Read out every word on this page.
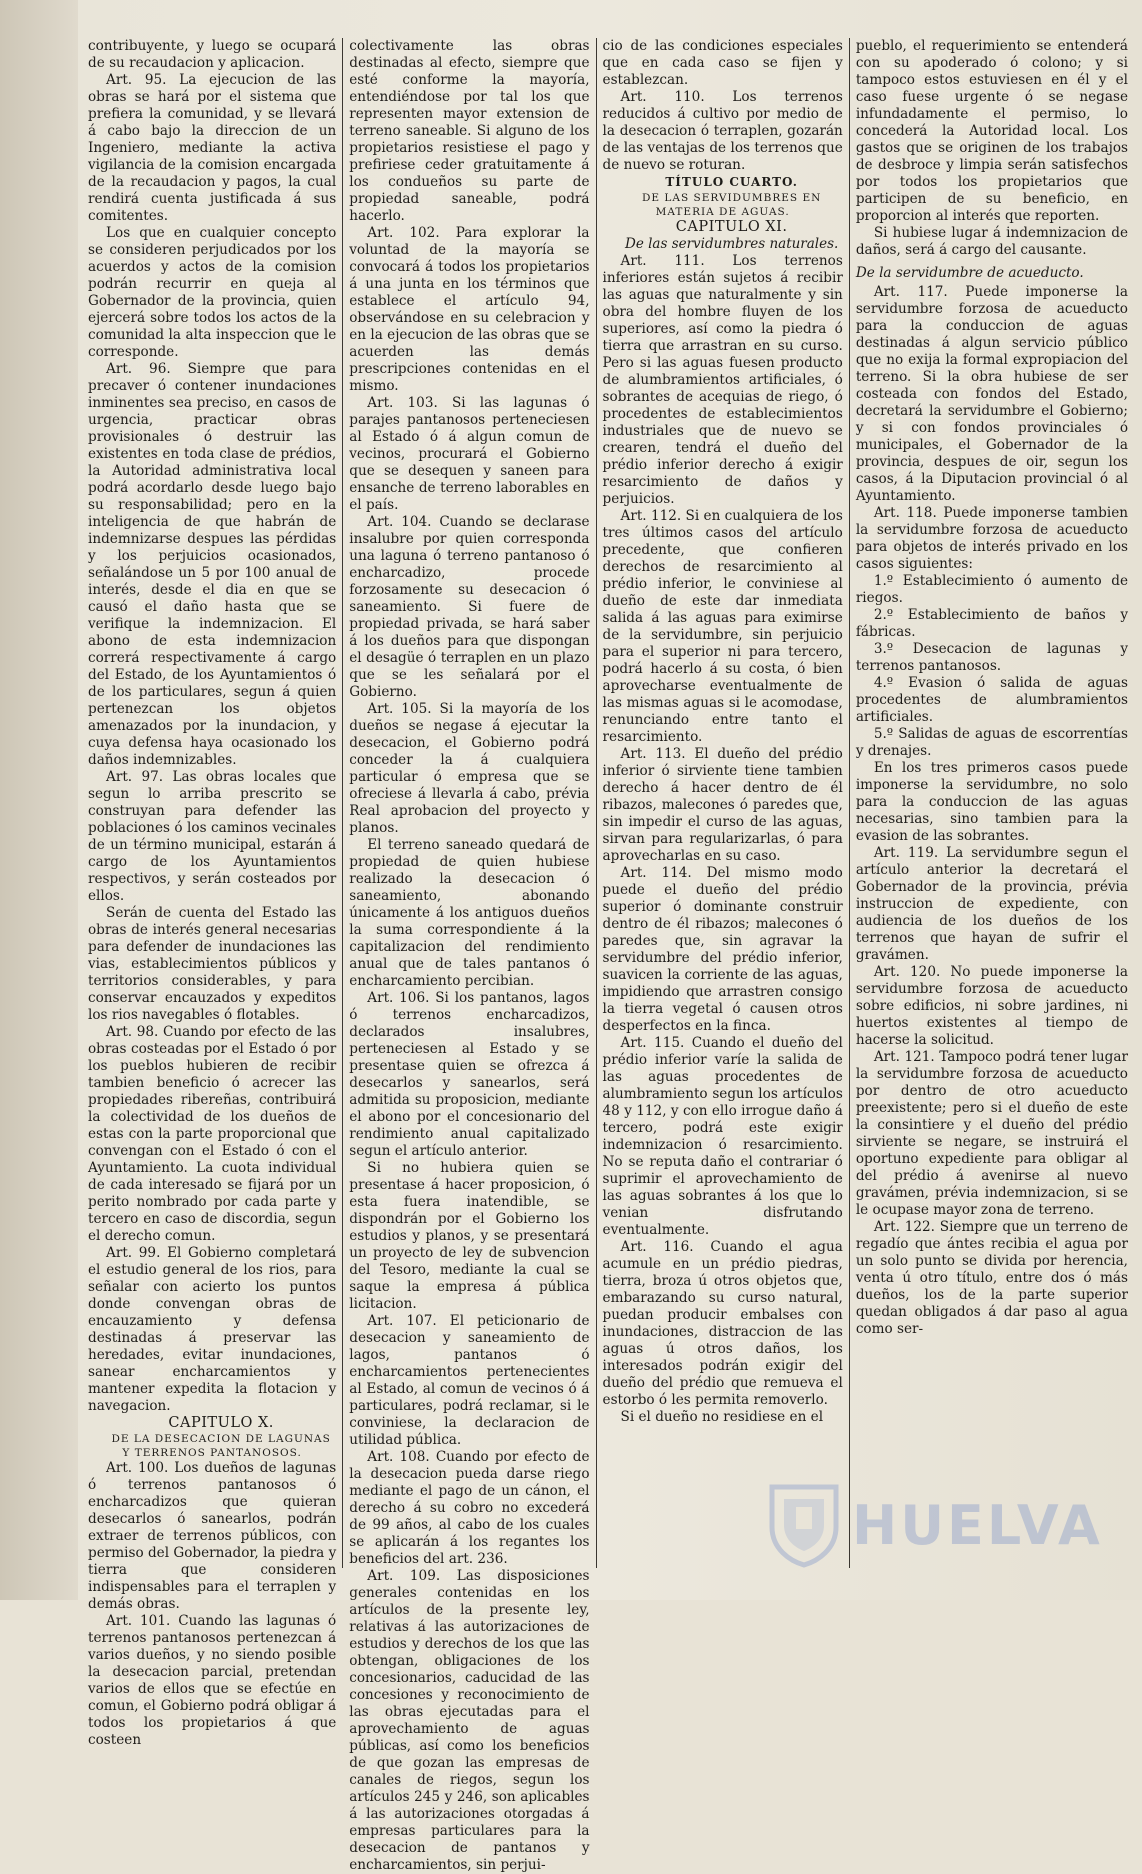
contribuyente, y luego se ocupará de su recaudacion y aplicacion.

Art. 95. La ejecucion de las obras se hará por el sistema que prefiera la comunidad, y se llevará á cabo bajo la direccion de un Ingeniero, mediante la activa vigilancia de la comision encargada de la recaudacion y pagos, la cual rendirá cuenta justificada á sus comitentes.

Los que en cualquier concepto se consideren perjudicados por los acuerdos y actos de la comision podrán recurrir en queja al Gobernador de la provincia, quien ejercerá sobre todos los actos de la comunidad la alta inspeccion que le corresponde.

Art. 96. Siempre que para precaver ó contener inundaciones inminentes sea preciso, en casos de urgencia, practicar obras provisionales ó destruir las existentes en toda clase de prédios, la Autoridad administrativa local podrá acordarlo desde luego bajo su responsabilidad; pero en la inteligencia de que habrán de indemnizarse despues las pérdidas y los perjuicios ocasionados, señalándose un 5 por 100 anual de interés, desde el dia en que se causó el daño hasta que se verifique la indemnizacion. El abono de esta indemnizacion correrá respectivamente á cargo del Estado, de los Ayuntamientos ó de los particulares, segun á quien pertenezcan los objetos amenazados por la inundacion, y cuya defensa haya ocasionado los daños indemnizables.

Art. 97. Las obras locales que segun lo arriba prescrito se construyan para defender las poblaciones ó los caminos vecinales de un término municipal, estarán á cargo de los Ayuntamientos respectivos, y serán costeados por ellos.

Serán de cuenta del Estado las obras de interés general necesarias para defender de inundaciones las vias, establecimientos públicos y territorios considerables, y para conservar encauzados y expeditos los rios navegables ó flotables.

Art. 98. Cuando por efecto de las obras costeadas por el Estado ó por los pueblos hubieren de recibir tambien beneficio ó acrecer las propiedades ribereñas, contribuirá la colectividad de los dueños de estas con la parte proporcional que convengan con el Estado ó con el Ayuntamiento. La cuota individual de cada interesado se fijará por un perito nombrado por cada parte y tercero en caso de discordia, segun el derecho comun.

Art. 99. El Gobierno completará el estudio general de los rios, para señalar con acierto los puntos donde convengan obras de encauzamiento y defensa destinadas á preservar las heredades, evitar inundaciones, sanear encharcamientos y mantener expedita la flotacion y navegacion.

CAPITULO X.

DE LA DESECACION DE LAGUNAS Y TERRENOS PANTANOSOS.

Art. 100. Los dueños de lagunas ó terrenos pantanosos ó encharcadizos que quieran desecarlos ó sanearlos, podrán extraer de terrenos públicos, con permiso del Gobernador, la piedra y tierra que consideren indispensables para el terraplen y demás obras.

Art. 101. Cuando las lagunas ó terrenos pantanosos pertenezcan á varios dueños, y no siendo posible la desecacion parcial, pretendan varios de ellos que se efectúe en comun, el Gobierno podrá obligar á todos los propietarios á que costeen

colectivamente las obras destinadas al efecto, siempre que esté conforme la mayoría, entendiéndose por tal los que representen mayor extension de terreno saneable. Si alguno de los propietarios resistiese el pago y prefiriese ceder gratuitamente á los condueños su parte de propiedad saneable, podrá hacerlo.

Art. 102. Para explorar la voluntad de la mayoría se convocará á todos los propietarios á una junta en los términos que establece el artículo 94, observándose en su celebracion y en la ejecucion de las obras que se acuerden las demás prescripciones contenidas en el mismo.

Art. 103. Si las lagunas ó parajes pantanosos perteneciesen al Estado ó á algun comun de vecinos, procurará el Gobierno que se desequen y saneen para ensanche de terreno laborables en el país.

Art. 104. Cuando se declarase insalubre por quien corresponda una laguna ó terreno pantanoso ó encharcadizo, procede forzosamente su desecacion ó saneamiento. Si fuere de propiedad privada, se hará saber á los dueños para que dispongan el desagüe ó terraplen en un plazo que se les señalará por el Gobierno.

Art. 105. Si la mayoría de los dueños se negase á ejecutar la desecacion, el Gobierno podrá conceder la á cualquiera particular ó empresa que se ofreciese á llevarla á cabo, prévia Real aprobacion del proyecto y planos.

El terreno saneado quedará de propiedad de quien hubiese realizado la desecacion ó saneamiento, abonando únicamente á los antiguos dueños la suma correspondiente á la capitalizacion del rendimiento anual que de tales pantanos ó encharcamiento percibian.

Art. 106. Si los pantanos, lagos ó terrenos encharcadizos, declarados insalubres, perteneciesen al Estado y se presentase quien se ofrezca á desecarlos y sanearlos, será admitida su proposicion, mediante el abono por el concesionario del rendimiento anual capitalizado segun el artículo anterior.

Si no hubiera quien se presentase á hacer proposicion, ó esta fuera inatendible, se dispondrán por el Gobierno los estudios y planos, y se presentará un proyecto de ley de subvencion del Tesoro, mediante la cual se saque la empresa á pública licitacion.

Art. 107. El peticionario de desecacion y saneamiento de lagos, pantanos ó encharcamientos pertenecientes al Estado, al comun de vecinos ó á particulares, podrá reclamar, si le conviniese, la declaracion de utilidad pública.

Art. 108. Cuando por efecto de la desecacion pueda darse riego mediante el pago de un cánon, el derecho á su cobro no excederá de 99 años, al cabo de los cuales se aplicarán á los regantes los beneficios del art. 236.

Art. 109. Las disposiciones generales contenidas en los artículos de la presente ley, relativas á las autorizaciones de estudios y derechos de los que las obtengan, obligaciones de los concesionarios, caducidad de las concesiones y reconocimiento de las obras ejecutadas para el aprovechamiento de aguas públicas, así como los beneficios de que gozan las empresas de canales de riegos, segun los artículos 245 y 246, son aplicables á las autorizaciones otorgadas á empresas particulares para la desecacion de pantanos y encharcamientos, sin perjui-

cio de las condiciones especiales que en cada caso se fijen y establezcan.

Art. 110. Los terrenos reducidos á cultivo por medio de la desecacion ó terraplen, gozarán de las ventajas de los terrenos que de nuevo se roturan.

TÍTULO CUARTO.

DE LAS SERVIDUMBRES EN MATERIA DE AGUAS.

CAPITULO XI.

De las servidumbres naturales.

Art. 111. Los terrenos inferiores están sujetos á recibir las aguas que naturalmente y sin obra del hombre fluyen de los superiores, así como la piedra ó tierra que arrastran en su curso. Pero si las aguas fuesen producto de alumbramientos artificiales, ó sobrantes de acequias de riego, ó procedentes de establecimientos industriales que de nuevo se crearen, tendrá el dueño del prédio inferior derecho á exigir resarcimiento de daños y perjuicios.

Art. 112. Si en cualquiera de los tres últimos casos del artículo precedente, que confieren derechos de resarcimiento al prédio inferior, le conviniese al dueño de este dar inmediata salida á las aguas para eximirse de la servidumbre, sin perjuicio para el superior ni para tercero, podrá hacerlo á su costa, ó bien aprovecharse eventualmente de las mismas aguas si le acomodase, renunciando entre tanto el resarcimiento.

Art. 113. El dueño del prédio inferior ó sirviente tiene tambien derecho á hacer dentro de él ribazos, malecones ó paredes que, sin impedir el curso de las aguas, sirvan para regularizarlas, ó para aprovecharlas en su caso.

Art. 114. Del mismo modo puede el dueño del prédio superior ó dominante construir dentro de él ribazos; malecones ó paredes que, sin agravar la servidumbre del prédio inferior, suavicen la corriente de las aguas, impidiendo que arrastren consigo la tierra vegetal ó causen otros desperfectos en la finca.

Art. 115. Cuando el dueño del prédio inferior varíe la salida de las aguas procedentes de alumbramiento segun los artículos 48 y 112, y con ello irrogue daño á tercero, podrá este exigir indemnizacion ó resarcimiento. No se reputa daño el contrariar ó suprimir el aprovechamiento de las aguas sobrantes á los que lo venian disfrutando eventualmente.

Art. 116. Cuando el agua acumule en un prédio piedras, tierra, broza ú otros objetos que, embarazando su curso natural, puedan producir embalses con inundaciones, distraccion de las aguas ú otros daños, los interesados podrán exigir del dueño del prédio que remueva el estorbo ó les permita removerlo.

Si el dueño no residiese en el

pueblo, el requerimiento se entenderá con su apoderado ó colono; y si tampoco estos estuviesen en él y el caso fuese urgente ó se negase infundadamente el permiso, lo concederá la Autoridad local. Los gastos que se originen de los trabajos de desbroce y limpia serán satisfechos por todos los propietarios que participen de su beneficio, en proporcion al interés que reporten.

Si hubiese lugar á indemnizacion de daños, será á cargo del causante.

De la servidumbre de acueducto.

Art. 117. Puede imponerse la servidumbre forzosa de acueducto para la conduccion de aguas destinadas á algun servicio público que no exija la formal expropiacion del terreno. Si la obra hubiese de ser costeada con fondos del Estado, decretará la servidumbre el Gobierno; y si con fondos provinciales ó municipales, el Gobernador de la provincia, despues de oir, segun los casos, á la Diputacion provincial ó al Ayuntamiento.

Art. 118. Puede imponerse tambien la servidumbre forzosa de acueducto para objetos de interés privado en los casos siguientes:

1.º Establecimiento ó aumento de riegos.

2.º Establecimiento de baños y fábricas.

3.º Desecacion de lagunas y terrenos pantanosos.

4.º Evasion ó salida de aguas procedentes de alumbramientos artificiales.

5.º Salidas de aguas de escorrentías y drenajes.

En los tres primeros casos puede imponerse la servidumbre, no solo para la conduccion de las aguas necesarias, sino tambien para la evasion de las sobrantes.

Art. 119. La servidumbre segun el artículo anterior la decretará el Gobernador de la provincia, prévia instruccion de expediente, con audiencia de los dueños de los terrenos que hayan de sufrir el gravámen.

Art. 120. No puede imponerse la servidumbre forzosa de acueducto sobre edificios, ni sobre jardines, ni huertos existentes al tiempo de hacerse la solicitud.

Art. 121. Tampoco podrá tener lugar la servidumbre forzosa de acueducto por dentro de otro acueducto preexistente; pero si el dueño de este la consintiere y el dueño del prédio sirviente se negare, se instruirá el oportuno expediente para obligar al del prédio á avenirse al nuevo gravámen, prévia indemnizacion, si se le ocupase mayor zona de terreno.

Art. 122. Siempre que un terreno de regadío que ántes recibia el agua por un solo punto se divida por herencia, venta ú otro título, entre dos ó más dueños, los de la parte superior quedan obligados á dar paso al agua como ser-

HUELVA
